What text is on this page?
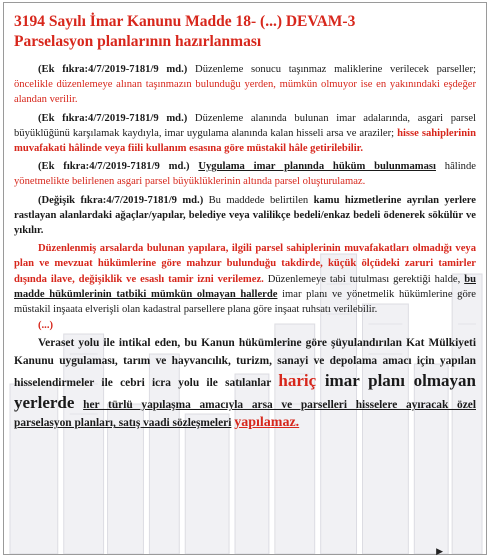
3194 Sayılı İmar Kanunu Madde 18- (...) DEVAM-3
Parselasyon planlarının hazırlanması

(Ek fıkra:4/7/2019-7181/9 md.) Düzenleme sonucu taşınmaz maliklerine verilecek parseller; öncelikle düzenlemeye alınan taşınmazın bulunduğu yerden, mümkün olmuyor ise en yakınındaki eşdeğer alandan verilir.

(Ek fıkra:4/7/2019-7181/9 md.) Düzenleme alanında bulunan imar adalarında, asgari parsel büyüklüğünü karşılamak kaydıyla, imar uygulama alanında kalan hisseli arsa ve araziler; hisse sahiplerinin muvafakati hâlinde veya fiili kullanım esasına göre müstakil hâle getirilebilir.

(Ek fıkra:4/7/2019-7181/9 md.) Uygulama imar planında hüküm bulunmaması hâlinde yönetmelikte belirlenen asgari parsel büyüklüklerinin altında parsel oluşturulamaz.

(Değişik fıkra:4/7/2019-7181/9 md.) Bu maddede belirtilen kamu hizmetlerine ayrılan yerlere rastlayan alanlardaki ağaçlar/yapılar, belediye veya valilikçe bedeli/enkaz bedeli ödenerek sökülür ve yıkılır.

Düzenlenmiş arsalarda bulunan yapılara, ilgili parsel sahiplerinin muvafakatları olmadığı veya plan ve mevzuat hükümlerine göre mahzur bulunduğu takdirde, küçük ölçüdeki zaruri tamirler dışında ilave, değişiklik ve esaslı tamir izni verilemez. Düzenlemeye tabi tutulması gerektiği halde, bu madde hükümlerinin tatbiki mümkün olmayan hallerde imar planı ve yönetmelik hükümlerine göre müstakil inşaata elverişli olan kadastral parsellere plana göre inşaat ruhsatı verilebilir.

(...)

Veraset yolu ile intikal eden, bu Kanun hükümlerine göre şüyulandırılan Kat Mülkiyeti Kanunu uygulaması, tarım ve hayvancılık, turizm, sanayi ve depolama amacı için yapılan hisselendirmeler ile cebri icra yolu ile satılanlar hariç imar planı olmayan yerlerde her türlü yapılaşma amacıyla arsa ve parselleri hisselere ayıracak özel parselasyon planları, satış vaadi sözleşmeleri yapılamaz.

▶
